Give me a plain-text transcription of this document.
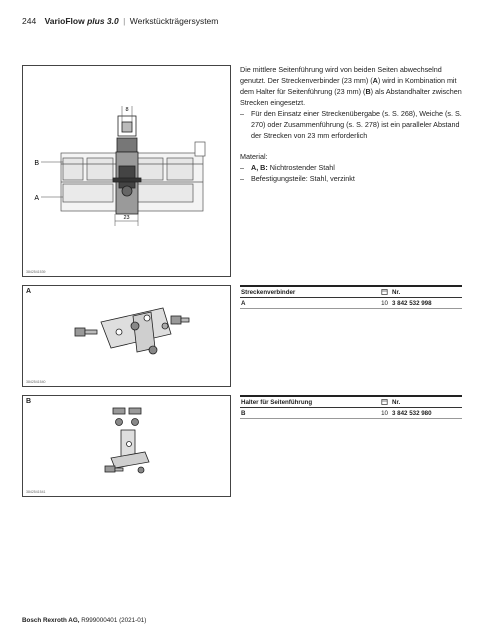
244 VarioFlow plus 3.0 | Werkstückträgersystem
B
A
8
23
3842541539

Die mittlere Seitenführung wird von beiden Seiten abwechselnd genutzt. Der Streckenverbinder (23 mm) (A) wird in Kombination mit dem Halter für Seitenführung (23 mm) (B) als Abstandhalter zwischen Strecken eingesetzt.

– Für den Einsatz einer Streckenübergabe (s. S. 268), Weiche (s. S. 270) oder Zusammenführung (s. S. 278) ist ein paralleler Abstand der Strecken von 23 mm erforderlich

Material:

– A, B: Nichtrostender Stahl
– Befestigungsteile: Stahl, verzinkt
A
3842541540
Streckenverbinder		Nr.
A	10	3 842 532 998
B
3842541541
Halter für Seitenführung		Nr.
B	10	3 842 532 980
Bosch Rexroth AG, R999000401 (2021-01)
